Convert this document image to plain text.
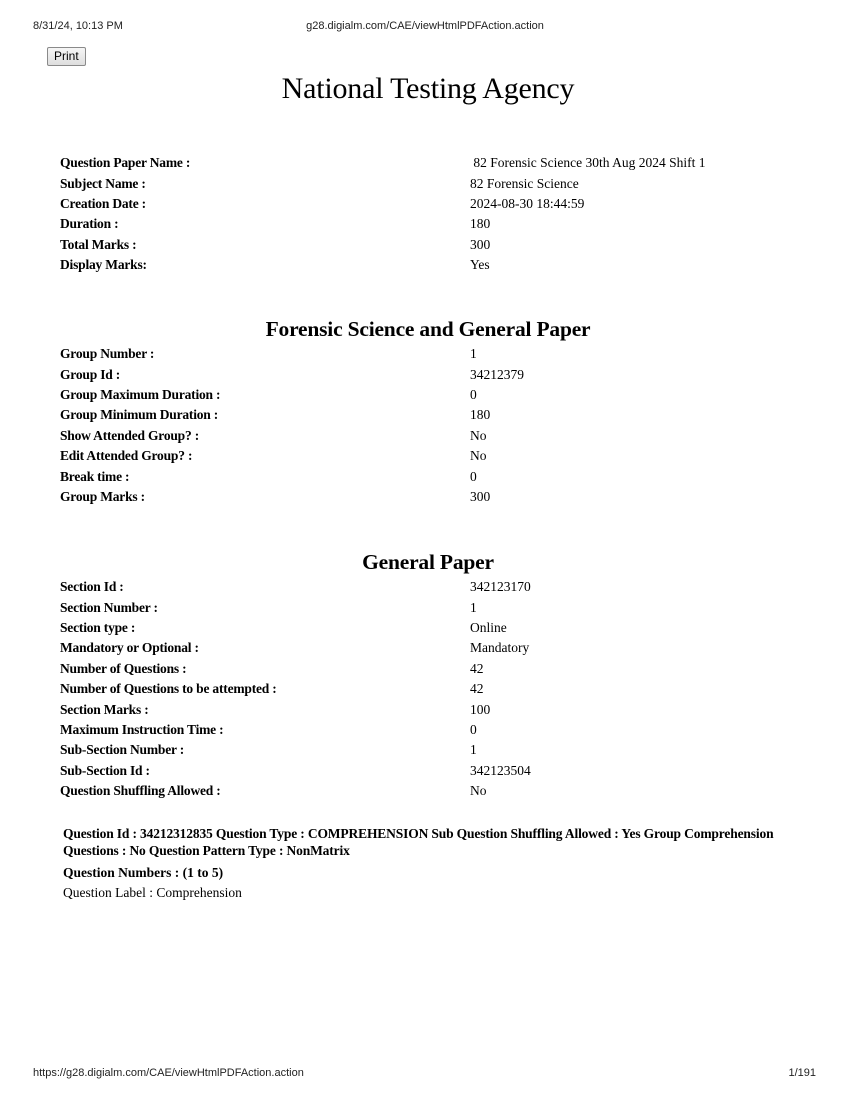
8/31/24, 10:13 PM	g28.digialm.com/CAE/viewHtmlPDFAction.action
Print
National Testing Agency
Question Paper Name :	82 Forensic Science 30th Aug 2024 Shift 1
Subject Name :	82 Forensic Science
Creation Date :	2024-08-30 18:44:59
Duration :	180
Total Marks :	300
Display Marks:	Yes
Forensic Science and General Paper
Group Number :	1
Group Id :	34212379
Group Maximum Duration :	0
Group Minimum Duration :	180
Show Attended Group? :	No
Edit Attended Group? :	No
Break time :	0
Group Marks :	300
General Paper
Section Id :	342123170
Section Number :	1
Section type :	Online
Mandatory or Optional :	Mandatory
Number of Questions :	42
Number of Questions to be attempted :	42
Section Marks :	100
Maximum Instruction Time :	0
Sub-Section Number :	1
Sub-Section Id :	342123504
Question Shuffling Allowed :	No
Question Id : 34212312835 Question Type : COMPREHENSION Sub Question Shuffling Allowed : Yes Group Comprehension Questions : No Question Pattern Type : NonMatrix
Question Numbers : (1 to 5)
Question Label : Comprehension
https://g28.digialm.com/CAE/viewHtmlPDFAction.action	1/191
